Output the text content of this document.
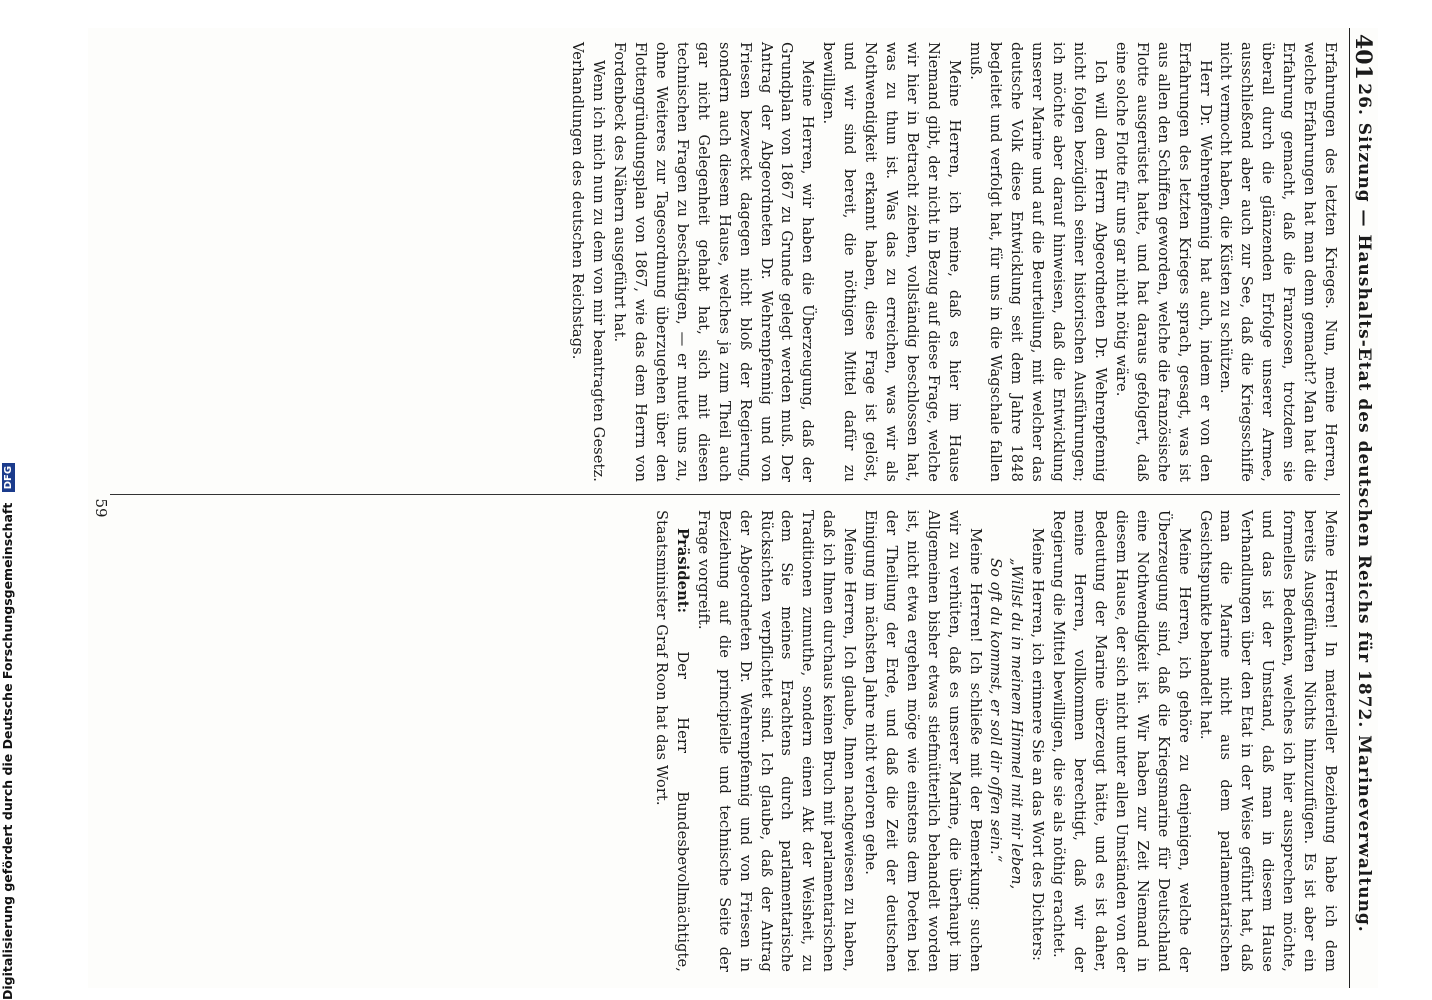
401
26. Sitzung — Haushalts-Etat des deutschen Reichs für 1872. Marineverwaltung.

Erfahrungen des letzten Krieges. Nun, meine Herren, welche Erfahrungen hat man denn gemacht? Man hat die Erfahrung gemacht, daß die Franzosen, trotzdem sie überall durch die glänzenden Erfolge unserer Armee, ausschließend aber auch zur See, daß die Kriegsschiffe nicht vermocht haben, die Küsten zu schützen.

Herr Dr. Wehrenpfennig hat auch, indem er von den Erfahrungen des letzten Krieges sprach, gesagt, was ist aus allen den Schiffen geworden, welche die französische Flotte ausgerüstet hatte, und hat daraus gefolgert, daß eine solche Flotte für uns gar nicht nötig wäre.

Ich will dem Herrn Abgeordneten Dr. Wehrenpfennig nicht folgen bezüglich seiner historischen Ausführungen; ich möchte aber darauf hinweisen, daß die Entwicklung unserer Marine und auf die Beurteilung, mit welcher das deutsche Volk diese Entwicklung seit dem Jahre 1848 begleitet und verfolgt hat, für uns in die Wagschale fallen muß.

Meine Herren, ich meine, daß es hier im Hause Niemand gibt, der nicht in Bezug auf diese Frage, welche wir hier in Betracht ziehen, vollständig beschlossen hat, was zu thun ist. Was das zu erreichen, was wir als Nothwendigkeit erkannt haben, diese Frage ist gelöst, und wir sind bereit, die nöthigen Mittel dafür zu bewilligen.

Meine Herren, wir haben die Überzeugung, daß der Grundplan von 1867 zu Grunde gelegt werden muß. Der Antrag der Abgeordneten Dr. Wehrenpfennig und von Friesen bezweckt dagegen nicht bloß der Regierung, sondern auch diesem Hause, welches ja zum Theil auch gar nicht Gelegenheit gehabt hat, sich mit diesen technischen Fragen zu beschäftigen, — er mutet uns zu, ohne Weiteres zur Tagesordnung überzugehen über den Flottengründungsplan von 1867, wie das dem Herrn von Fordenbeck des Nähern ausgeführt hat.

Wenn ich mich nun zu dem von mir beantragten Gesetz. Verhandlungen des deutschen Reichstags.

Meine Herren! In materieller Beziehung habe ich dem bereits Ausgeführten Nichts hinzuzufügen. Es ist aber ein formelles Bedenken, welches ich hier aussprechen möchte, und das ist der Umstand, daß man in diesem Hause Verhandlungen über den Etat in der Weise geführt hat, daß man die Marine nicht aus dem parlamentarischen Gesichtspunkte behandelt hat.

Meine Herren, ich gehöre zu denjenigen, welche der Überzeugung sind, daß die Kriegsmarine für Deutschland eine Nothwendigkeit ist. Wir haben zur Zeit Niemand in diesem Hause, der sich nicht unter allen Umständen von der Bedeutung der Marine überzeugt hätte, und es ist daher, meine Herren, vollkommen berechtigt, daß wir der Regierung die Mittel bewilligen, die sie als nöthig erachtet.

Meine Herren, ich erinnere Sie an das Wort des Dichters:

„Willst du in meinem Himmel mit mir leben,

So oft du kommst, er soll dir offen sein.“

Meine Herren! Ich schließe mit der Bemerkung: suchen wir zu verhüten, daß es unserer Marine, die überhaupt im Allgemeinen bisher etwas stiefmütterlich behandelt worden ist, nicht etwa ergehen möge wie einstens dem Poeten bei der Theilung der Erde, und daß die Zeit der deutschen Einigung im nächsten Jahre nicht verloren gehe.

Meine Herren, Ich glaube, Ihnen nachgewiesen zu haben, daß ich Ihnen durchaus keinen Bruch mit parlamentarischen Traditionen zumuthe, sondern einen Akt der Weisheit, zu dem Sie meines Erachtens durch parlamentarische Rücksichten verpflichtet sind. Ich glaube, daß der Antrag der Abgeordneten Dr. Wehrenpfennig und von Friesen in Beziehung auf die principielle und technische Seite der Frage vorgreift.

Präsident: Der Herr Bundesbevollmächtigte, Staatsminister Graf Roon hat das Wort.

59
Digitalisierung gefördert durch die Deutsche Forschungsgemeinschaft DFG
